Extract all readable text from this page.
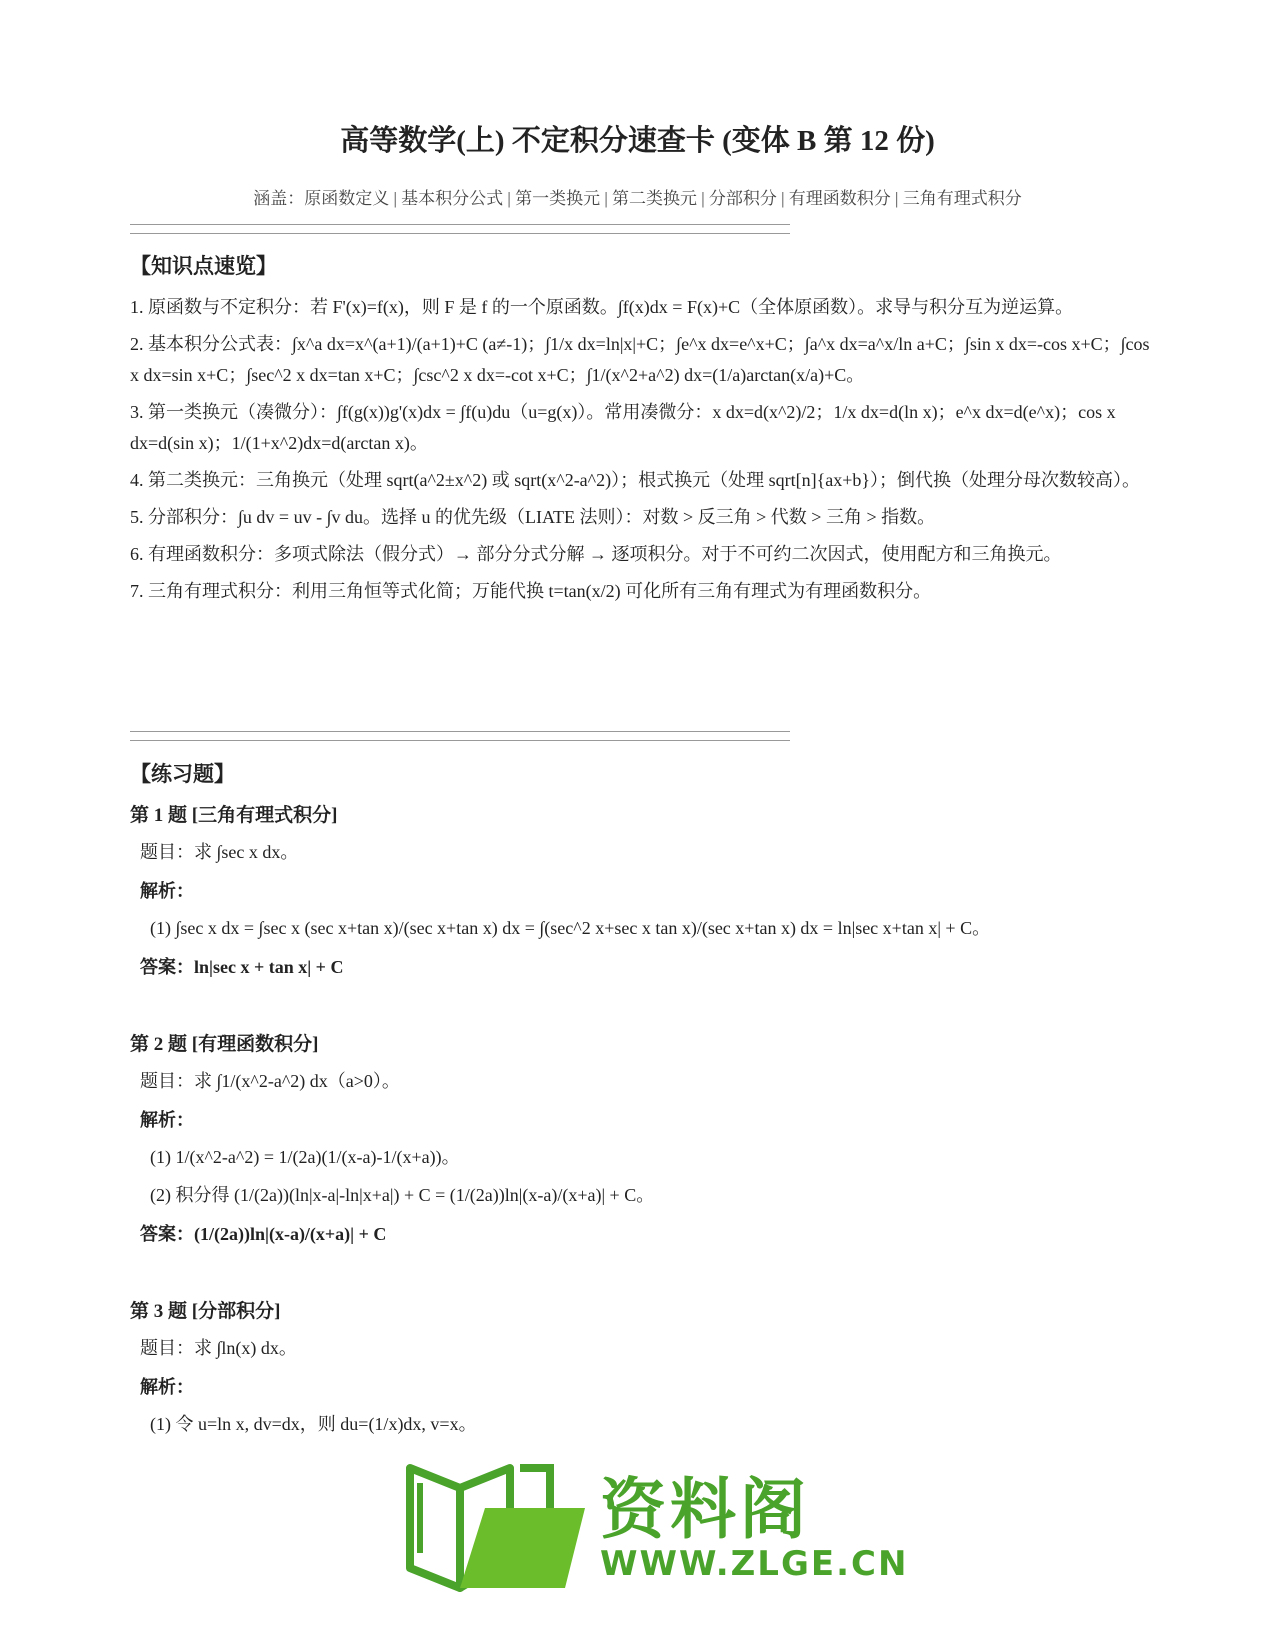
高等数学(上) 不定积分速查卡 (变体 B 第 12 份)
涵盖：原函数定义 | 基本积分公式 | 第一类换元 | 第二类换元 | 分部积分 | 有理函数积分 | 三角有理式积分
【知识点速览】
1. 原函数与不定积分：若 F'(x)=f(x)，则 F 是 f 的一个原函数。∫f(x)dx = F(x)+C（全体原函数）。求导与积分互为逆运算。
2. 基本积分公式表：∫x^a dx=x^(a+1)/(a+1)+C (a≠-1)；∫1/x dx=ln|x|+C；∫e^x dx=e^x+C；∫a^x dx=a^x/ln a+C；∫sin x dx=-cos x+C；∫cos x dx=sin x+C；∫sec^2 x dx=tan x+C；∫csc^2 x dx=-cot x+C；∫1/(x^2+a^2) dx=(1/a)arctan(x/a)+C。
3. 第一类换元（凑微分）：∫f(g(x))g'(x)dx = ∫f(u)du（u=g(x)）。常用凑微分：x dx=d(x^2)/2；1/x dx=d(ln x)；e^x dx=d(e^x)；cos x dx=d(sin x)；1/(1+x^2)dx=d(arctan x)。
4. 第二类换元：三角换元（处理 sqrt(a^2±x^2) 或 sqrt(x^2-a^2)）；根式换元（处理 sqrt[n]{ax+b}）；倒代换（处理分母次数较高）。
5. 分部积分：∫u dv = uv - ∫v du。选择 u 的优先级（LIATE 法则）：对数 > 反三角 > 代数 > 三角 > 指数。
6. 有理函数积分：多项式除法（假分式）→ 部分分式分解 → 逐项积分。对于不可约二次因式，使用配方和三角换元。
7. 三角有理式积分：利用三角恒等式化简；万能代换 t=tan(x/2) 可化所有三角有理式为有理函数积分。
【练习题】
第 1 题 [三角有理式积分]
题目：求 ∫sec x dx。
解析：
(1) ∫sec x dx = ∫sec x (sec x+tan x)/(sec x+tan x) dx = ∫(sec^2 x+sec x tan x)/(sec x+tan x) dx = ln|sec x+tan x| + C。
答案：ln|sec x + tan x| + C
第 2 题 [有理函数积分]
题目：求 ∫1/(x^2-a^2) dx（a>0）。
解析：
(1) 1/(x^2-a^2) = 1/(2a)(1/(x-a)-1/(x+a))。
(2) 积分得 (1/(2a))(ln|x-a|-ln|x+a|) + C = (1/(2a))ln|(x-a)/(x+a)| + C。
答案：(1/(2a))ln|(x-a)/(x+a)| + C
第 3 题 [分部积分]
题目：求 ∫ln(x) dx。
解析：
(1) 令 u=ln x, dv=dx，则 du=(1/x)dx, v=x。
资料阁
WWW.ZLGE.CN
